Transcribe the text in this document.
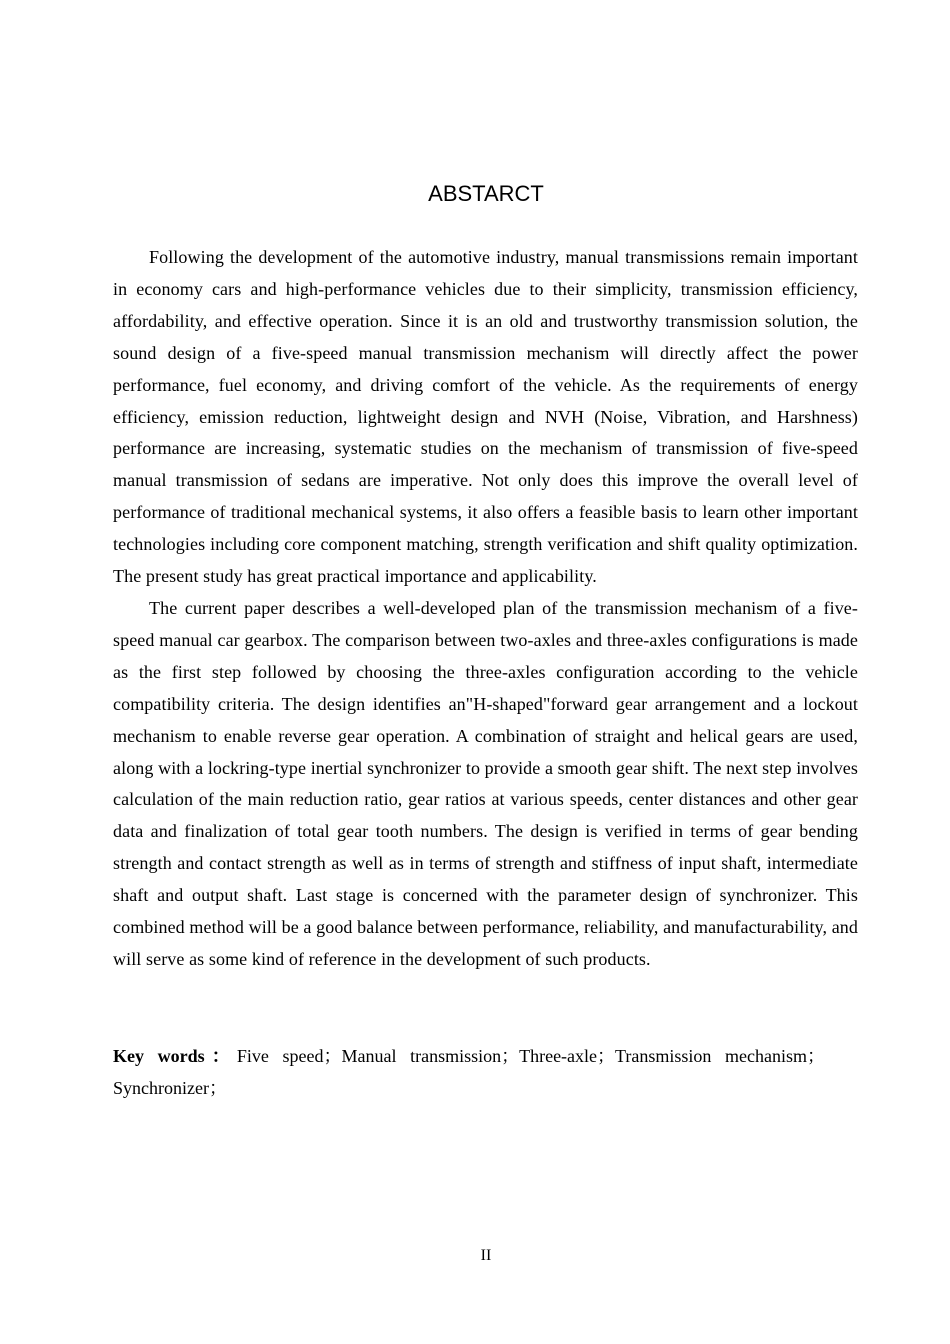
ABSTARCT

Following the development of the automotive industry, manual transmissions remain important in economy cars and high-performance vehicles due to their simplicity, transmission efficiency, affordability, and effective operation. Since it is an old and trustworthy transmission solution, the sound design of a five-speed manual transmission mechanism will directly affect the power performance, fuel economy, and driving comfort of the vehicle. As the requirements of energy efficiency, emission reduction, lightweight design and NVH (Noise, Vibration, and Harshness) performance are increasing, systematic studies on the mechanism of transmission of five-speed manual transmission of sedans are imperative. Not only does this improve the overall level of performance of traditional mechanical systems, it also offers a feasible basis to learn other important technologies including core component matching, strength verification and shift quality optimization. The present study has great practical importance and applicability.

The current paper describes a well-developed plan of the transmission mechanism of a five-speed manual car gearbox. The comparison between two-axles and three-axles configurations is made as the first step followed by choosing the three-axles configuration according to the vehicle compatibility criteria. The design identifies an"H-shaped"forward gear arrangement and a lockout mechanism to enable reverse gear operation. A combination of straight and helical gears are used, along with a lockring-type inertial synchronizer to provide a smooth gear shift. The next step involves calculation of the main reduction ratio, gear ratios at various speeds, center distances and other gear data and finalization of total gear tooth numbers. The design is verified in terms of gear bending strength and contact strength as well as in terms of strength and stiffness of input shaft, intermediate shaft and output shaft. Last stage is concerned with the parameter design of synchronizer. This combined method will be a good balance between performance, reliability, and manufacturability, and will serve as some kind of reference in the development of such products.

Key words：Five speed；Manual transmission；Three-axle；Transmission mechanism；Synchronizer；
II
